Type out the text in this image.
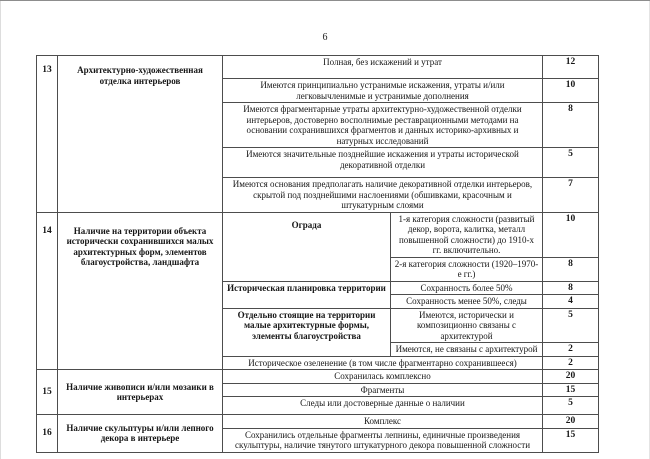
6
13	Архитектурно-художественная отделка интерьеров	Полная, без искажений и утрат		12
		Имеются принципиально устранимые искажения, утраты и/или легковычленимые и устранимые дополнения		10
		Имеются фрагментарные утраты архитектурно-художественной отделки интерьеров, достоверно восполнимые реставрационными методами на основании сохранившихся фрагментов и данных историко-архивных и натурных исследований		8
		Имеются значительные позднейшие искажения и утраты исторической декоративной отделки		5
		Имеются основания предполагать наличие декоративной отделки интерьеров, скрытой под позднейшими наслоениями (обшивками, красочным и штукатурным слоями		7
14	Наличие на территории объекта исторически сохранившихся малых архитектурных форм, элементов благоустройства, ландшафта	Ограда	1-я категория сложности (развитый декор, ворота, калитка, металл повышенной сложности) до 1910-х гг. включительно.	10
			2-я категория сложности (1920–1970-е гг.)	8
		Историческая планировка территории	Сохранность более 50%	8
			Сохранность менее 50%, следы	4
		Отдельно стоящие на территории малые архитектурные формы, элементы благоустройства	Имеются, исторически и композиционно связаны с архитектурой	5
			Имеются, не связаны с архитектурой	2
		Историческое озеленение (в том числе фрагментарно сохранившееся)		2
15	Наличие живописи и/или мозаики в интерьерах	Сохранилась комплексно		20
		Фрагменты		15
		Следы или достоверные данные о наличии		5
16	Наличие скульптуры и/или лепного декора в интерьере	Комплекс		20
		Сохранились отдельные фрагменты лепнины, единичные произведения скульптуры, наличие тянутого штукатурного декора повышенной сложности		15
